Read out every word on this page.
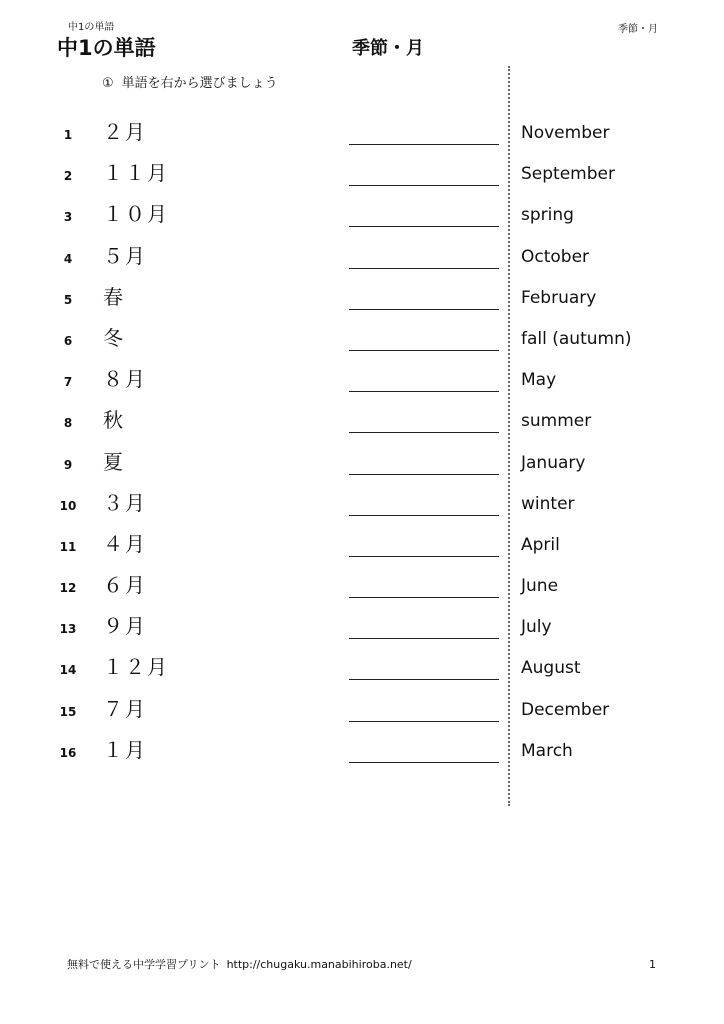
中1の単語	季節・月
中1の単語	季節・月
① 単語を右から選びましょう
1	２月	November
2	１１月	September
3	１０月	spring
4	５月	October
5	春	February
6	冬	fall (autumn)
7	８月	May
8	秋	summer
9	夏	January
10 ３月	winter
11 ４月	April
12 ６月	June
13 ９月	July
14 １２月	August
15 ７月	December
16 １月	March
無料で使える中学学習プリント http://chugaku.manabihiroba.net/	1
